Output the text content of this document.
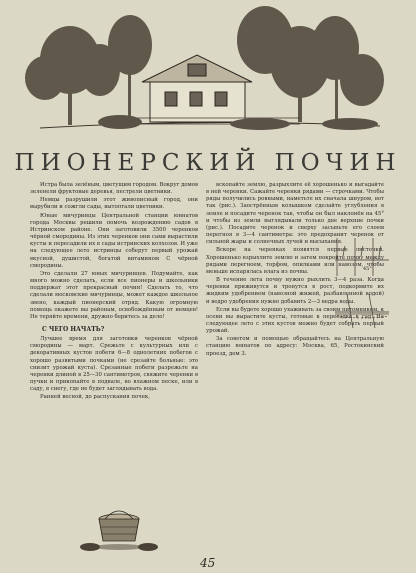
ПИОНЕРСКИЙ ПОЧИН

Истра была зелёным, цветущим городом. Вокруг домов зеленели фруктовые деревья, пестрели цветники.

Немцы разрушили этот живописный город, они вырубили и сожгли сады, вытоптали цветники.

Юные мичуринцы Центральной станции юннатов города Москвы решили помочь возрождению садов в Истринском районе. Они заготовили 3500 черенков чёрной смородины. Из этих черенков они сами вырастили кусты и пересадили их в сады истринских колхозов. И уже на следующее лето истринцы соберут первый урожай вкусной, душистой, богатой витамином С чёрной смородины.

Это сделали 27 юных мичуринцев. Подумайте, как много можно сделать, если все пионеры и школьники поддержат этот прекрасный почин! Сделать то, что сделали московские мичуринцы, может каждое школьное звено, каждый пионерский отряд. Какую огромную помощь окажете вы районам, освобождённым от немцев! Не теряйте времени, дружно беритесь за дело!

С ЧЕГО НАЧАТЬ?

Лучшее время для заготовки черенков чёрной смородины — март. Срежьте с культурных или с декоративных кустов побеги 6—8 однолетних побегов с хорошо развитыми почками (не срезайте больные: это снизит урожай куста). Срезанные побеги разрежьте на черенки длиной в 25—30 сантиметров, свяжите черенки в пучки и прикопайте в подвале, во влажном песке, или в саду, в снегу, где не будет заглядывать вода.

Ранней весной, до распускания почек,

вскопайте землю, разрыхлите её хорошенько и выгадайте в ней черенки. Сажайте черенки рядами — строчками. Чтобы ряды получились ровными, наметьте их сначала шнуром, вот так (рис.). Заострённым колышком сделайте углубления в земле и посадите черенок так, чтобы он был наклонён на 45° и чтобы из земли выглядывали только две верхние почки (рис.). Посадите черенок и сверху засыпьте его слоем перегноя в 3—4 сантиметра: это предохранит черенок от сильной жары и солнечных лучей и высыхания.

Вскоре на черенках появятся первые листочки. Хорошенько взрыхлите землю и затем покройте почву между рядами перегноем, торфом, опилками или навозом, чтобы меньше испарялась влага из почвы.

В течение лета почву нужно рыхлить 3—4 раза. Когда черенки приживутся и тронутся в рост, подкормите их жидким удобрением (навозной жижей, разбавленной водой) и ведро удобрения нужно добавить 2—3 ведра воды.

Если вы будете хорошо ухаживать за своим питомником, к осени вы вырастите кусты, готовые к пересадке в сад. На следующее лето с этих кустов можно будет собрать первый урожай.

За советом и помощью обращайтесь на Центральную станцию юннатов по адресу: Москва, 65, Ростокинский проезд, дом 3.

45°
45
